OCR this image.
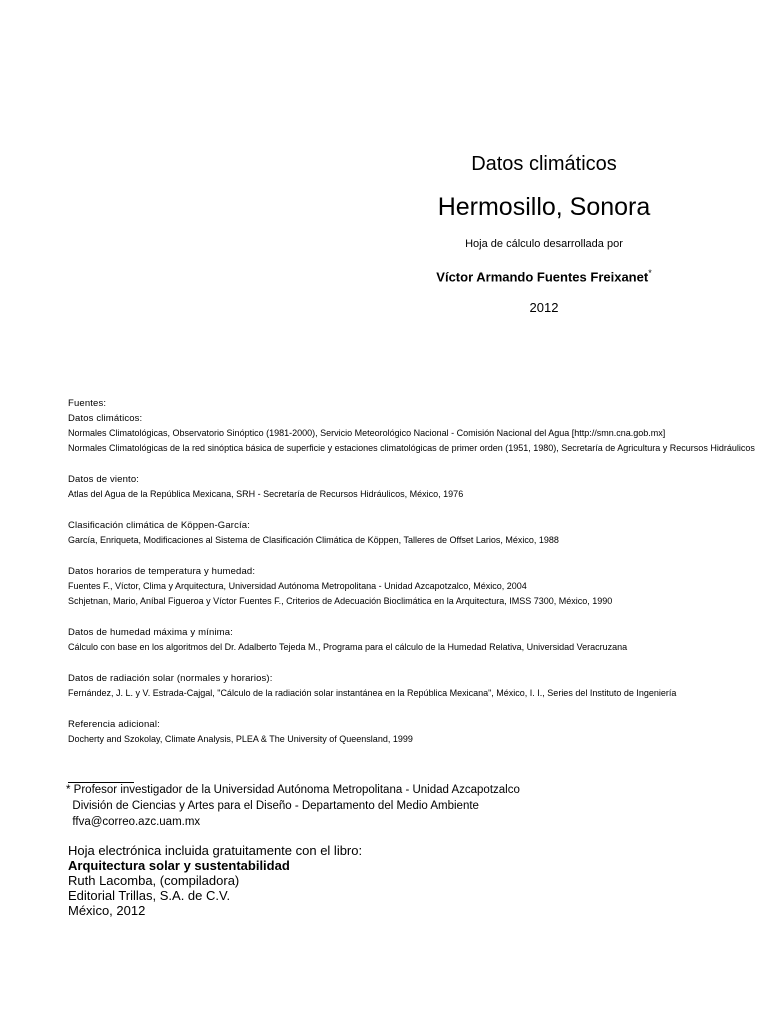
Datos climáticos
Hermosillo, Sonora
Hoja de cálculo desarrollada por
Víctor Armando Fuentes Freixanet*
2012
Fuentes:
Datos climáticos:
Normales Climatológicas, Observatorio Sinóptico (1981-2000), Servicio Meteorológico Nacional - Comisión Nacional del Agua [http://smn.cna.gob.mx]
Normales Climatológicas de la red sinóptica básica de superficie y estaciones climatológicas de primer orden (1951, 1980), Secretaría de Agricultura y Recursos Hidráulicos
Datos de viento:
Atlas del Agua de la República Mexicana, SRH - Secretaría de Recursos Hidráulicos, México, 1976
Clasificación climática de Köppen-García:
García, Enriqueta, Modificaciones al Sistema de Clasificación Climática de Köppen, Talleres de Offset Larios, México, 1988
Datos horarios de temperatura y humedad:
Fuentes F., Víctor, Clima y Arquitectura, Universidad Autónoma Metropolitana - Unidad Azcapotzalco, México, 2004
Schjetnan, Mario, Aníbal Figueroa y Víctor Fuentes F., Criterios de Adecuación Bioclimática en la Arquitectura, IMSS 7300, México, 1990
Datos de humedad máxima y mínima:
Cálculo con base en los algoritmos del Dr. Adalberto Tejeda M., Programa para el cálculo de la Humedad Relativa, Universidad Veracruzana
Datos de radiación solar (normales y horarios):
Fernández, J. L. y V. Estrada-Cajgal, "Cálculo de la radiación solar instantánea en la República Mexicana", México, I. I., Series del Instituto de Ingeniería
Referencia adicional:
Docherty and Szokolay, Climate Analysis, PLEA & The University of Queensland, 1999
* Profesor investigador de la Universidad Autónoma Metropolitana - Unidad Azcapotzalco
División de Ciencias y Artes para el Diseño - Departamento del Medio Ambiente
ffva@correo.azc.uam.mx
Hoja electrónica incluida gratuitamente con el libro:
Arquitectura solar y sustentabilidad
Ruth Lacomba, (compiladora)
Editorial Trillas, S.A. de C.V.
México, 2012
